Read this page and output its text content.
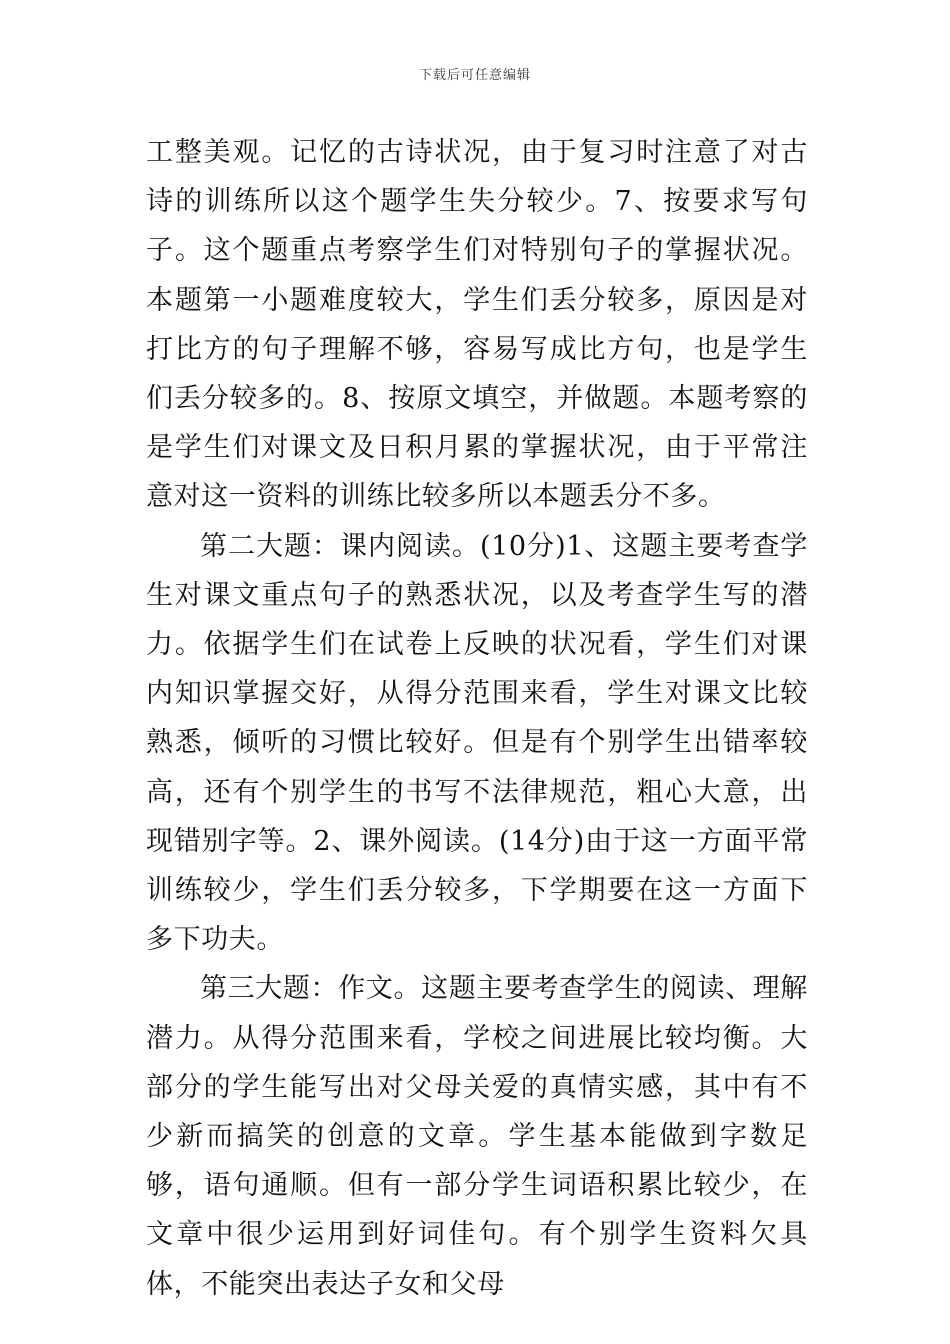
下载后可任意编辑

工整美观。记忆的古诗状况，由于复习时注意了对古诗的训练所以这个题学生失分较少。7、按要求写句子。这个题重点考察学生们对特别句子的掌握状况。本题第一小题难度较大，学生们丢分较多，原因是对打比方的句子理解不够，容易写成比方句，也是学生们丢分较多的。8、按原文填空，并做题。本题考察的是学生们对课文及日积月累的掌握状况，由于平常注意对这一资料的训练比较多所以本题丢分不多。

第二大题：课内阅读。(10分)1、这题主要考查学生对课文重点句子的熟悉状况，以及考查学生写的潜力。依据学生们在试卷上反映的状况看，学生们对课内知识掌握交好，从得分范围来看，学生对课文比较熟悉，倾听的习惯比较好。但是有个别学生出错率较高，还有个别学生的书写不法律规范，粗心大意，出现错别字等。2、课外阅读。(14分)由于这一方面平常训练较少，学生们丢分较多，下学期要在这一方面下多下功夫。

第三大题：作文。这题主要考查学生的阅读、理解潜力。从得分范围来看，学校之间进展比较均衡。大部分的学生能写出对父母关爱的真情实感，其中有不少新而搞笑的创意的文章。学生基本能做到字数足够，语句通顺。但有一部分学生词语积累比较少，在文章中很少运用到好词佳句。有个别学生资料欠具体，不能突出表达子女和父母
